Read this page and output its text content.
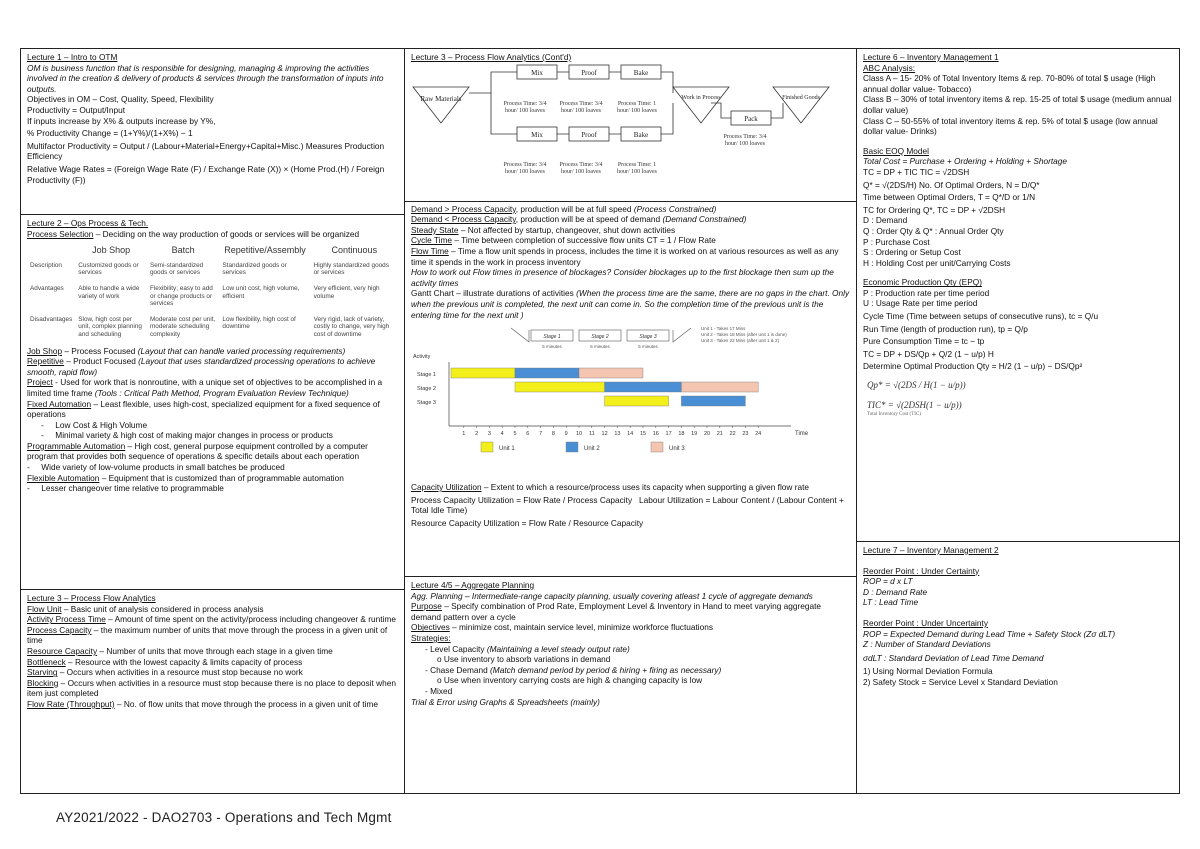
Lecture 1 – Intro to OTM
OM is business function that is responsible for designing, managing & improving the activities involved in the creation & delivery of products & services through the transformation of inputs into outputs.
Objectives in OM – Cost, Quality, Speed, Flexibility
Productivity = Output/Input
If inputs increase by X% & outputs increase by Y%,
% Productivity Change = (1+Y%)/(1+X%) − 1
Multifactor Productivity = Output / (Labour+Material+Energy+Capital+Misc.) Measures Production Efficiency
Relative Wage Rates = (Foreign Wage Rate (F) / Exchange Rate (X)) × (Home Prod.(H) / Foreign Productivity (F))
Lecture 2 – Ops Process & Tech.
Process Selection – Deciding on the way production of goods or services will be organized
	Job Shop	Batch	Repetitive/Assembly	Continuous
Description	Customized goods or services	Semi-standardized goods or services	Standardized goods or services	Highly standardized goods or services
Advantages	Able to handle a wide variety of work	Flexibility; easy to add or change products or services	Low unit cost, high volume, efficient	Very efficient, very high volume
Disadvantages	Slow, high cost per unit, complex planning and scheduling	Moderate cost per unit, moderate scheduling complexity	Low flexibility, high cost of downtime	Very rigid, lack of variety, costly to change, very high cost of downtime
Job Shop – Process Focused (Layout that can handle varied processing requirements)
Repetitive – Product Focused (Layout that uses standardized processing operations to achieve smooth, rapid flow)
Project - Used for work that is nonroutine, with a unique set of objectives to be accomplished in a limited time frame (Tools : Critical Path Method, Program Evaluation Review Technique)
Fixed Automation – Least flexible, uses high-cost, specialized equipment for a fixed sequence of operations
-     Low Cost & High Volume
-     Minimal variety & high cost of making major changes in process or products
Programmable Automation – High cost, general purpose equipment controlled by a computer program that provides both sequence of operations & specific details about each operation
-     Wide variety of low-volume products in small batches be produced
Flexible Automation – Equipment that is customized than of programmable automation
-     Lesser changeover time relative to programmable
Lecture 3 – Process Flow Analytics
Flow Unit – Basic unit of analysis considered in process analysis
Activity Process Time – Amount of time spent on the activity/process including changeover & runtime
Process Capacity – the maximum number of units that move through the process in a given unit of time
Resource Capacity – Number of units that move through each stage in a given time
Bottleneck – Resource with the lowest capacity & limits capacity of process
Starving – Occurs when activities in a resource must stop because no work
Blocking – Occurs when activities in a resource must stop because there is no place to deposit when item just completed
Flow Rate (Throughput) – No. of flow units that move through the process in a given unit of time
Lecture 3 – Process Flow Analytics (Cont'd)
Raw Materials
Mix	Proof	Bake
Mix	Proof	Bake
Pack
Work in Process	Finished Goods
Process Time: 3/4 hour/ 100 loaves
Process Time: 3/4 hour/ 100 loaves
Process Time: 1 hour/ 100 loaves
Process Time: 3/4 hour/ 100 loaves
Process Time: 3/4 hour/ 100 loaves
Process Time: 1 hour/ 100 loaves
Process Time: 3/4 hour/ 100 loaves
Demand > Process Capacity, production will be at full speed (Process Constrained)
Demand < Process Capacity, production will be at speed of demand (Demand Constrained)
Steady State – Not affected by startup, changeover, shut down activities
Cycle Time – Time between completion of successive flow units CT = 1 / Flow Rate
Flow Time – Time a flow unit spends in process, includes the time it is worked on at various resources as well as any time it spends in the work in process inventory
How to work out Flow times in presence of blockages? Consider blockages up to the first blockage then sum up the activity times
Gantt Chart – illustrate durations of activities (When the process time are the same, there are no gaps in the chart. Only when the previous unit is completed, the next unit can come in. So the completion time of the previous unit is the entering time for the next unit )
Stage 1
5 minutes
Stage 2
6 minutes
Stage 3
5 minutes
Unit 1 - Takes 17 Mins
Unit 2 - Takes 18 Mins (after unit 1 is done)
Unit 3 - Takes 22 Mins (after unit 1 & 2)
Activity
Stage 1
Stage 2
Stage 3
1 2 3 4 5 6 7 8 9 10 11 12 13 14 15 16 17 18 19 20 21 22 23 24	Time
Unit 1	Unit 2	Unit 3
Capacity Utilization – Extent to which a resource/process uses its capacity when supporting a given flow rate
Process Capacity Utilization = Flow Rate / Process Capacity Labour Utilization = Labour Content / (Labour Content + Total Idle Time)
Resource Capacity Utilization = Flow Rate / Resource Capacity
Lecture 4/5 – Aggregate Planning
Agg. Planning – Intermediate-range capacity planning, usually covering atleast 1 cycle of aggregate demands
Purpose – Specify combination of Prod Rate, Employment Level & Inventory in Hand to meet varying aggregate demand pattern over a cycle
Objectives – minimize cost, maintain service level, minimize workforce fluctuations
Strategies:
- Level Capacity (Maintaining a level steady output rate)
o Use inventory to absorb variations in demand
- Chase Demand (Match demand period by period & hiring + firing as necessary)
o Use when inventory carrying costs are high & changing capacity is low
- Mixed
Trial & Error using Graphs & Spreadsheets (mainly)
Lecture 6 – Inventory Management 1
ABC Analysis:
Class A – 15- 20% of Total Inventory Items & rep. 70-80% of total $ usage (High annual dollar value- Tobacco)
Class B – 30% of total inventory items & rep. 15-25 of total $ usage (medium annual dollar value)
Class C – 50-55% of total inventory items & rep. 5% of total $ usage (low annual dollar value- Drinks)
Basic EOQ Model
Total Cost = Purchase + Ordering + Holding + Shortage
TC = DP + TIC TIC = √2DSH
Q* = √(2DS/H) No. Of Optimal Orders, N = D/Q*
Time between Optimal Orders, T = Q*/D or 1/N
TC for Ordering Q*, TC = DP + √2DSH
D : Demand
Q : Order Qty & Q* : Annual Order Qty
P : Purchase Cost
S : Ordering or Setup Cost
H : Holding Cost per unit/Carrying Costs
Economic Production Qty (EPQ)
P : Production rate per time period
U : Usage Rate per time period
Cycle Time (Time between setups of consecutive runs), tc = Q/u
Run Time (length of production run), tp = Q/p
Pure Consumption Time = tc − tp
TC = DP + DS/Qp + Q/2 (1 − u/p) H
Determine Optimal Production Qty = H/2 (1 − u/p) − DS/Qp²
Qp* = √(2DS / H(1 − u/p))
TIC* = √(2DSH(1 − u/p))
Total Inventory Cost (TIC)
Lecture 7 – Inventory Management 2
Reorder Point : Under Certainty
ROP = d x LT
D : Demand Rate
LT : Lead Time
Reorder Point : Under Uncertainty
ROP = Expected Demand during Lead Time + Safety Stock (Zσ dLT)
Z : Number of Standard Deviations
σdLT : Standard Deviation of Lead Time Demand
1) Using Normal Deviation Formula
2) Safety Stock = Service Level x Standard Deviation
AY2021/2022 - DAO2703 - Operations and Tech Mgmt
